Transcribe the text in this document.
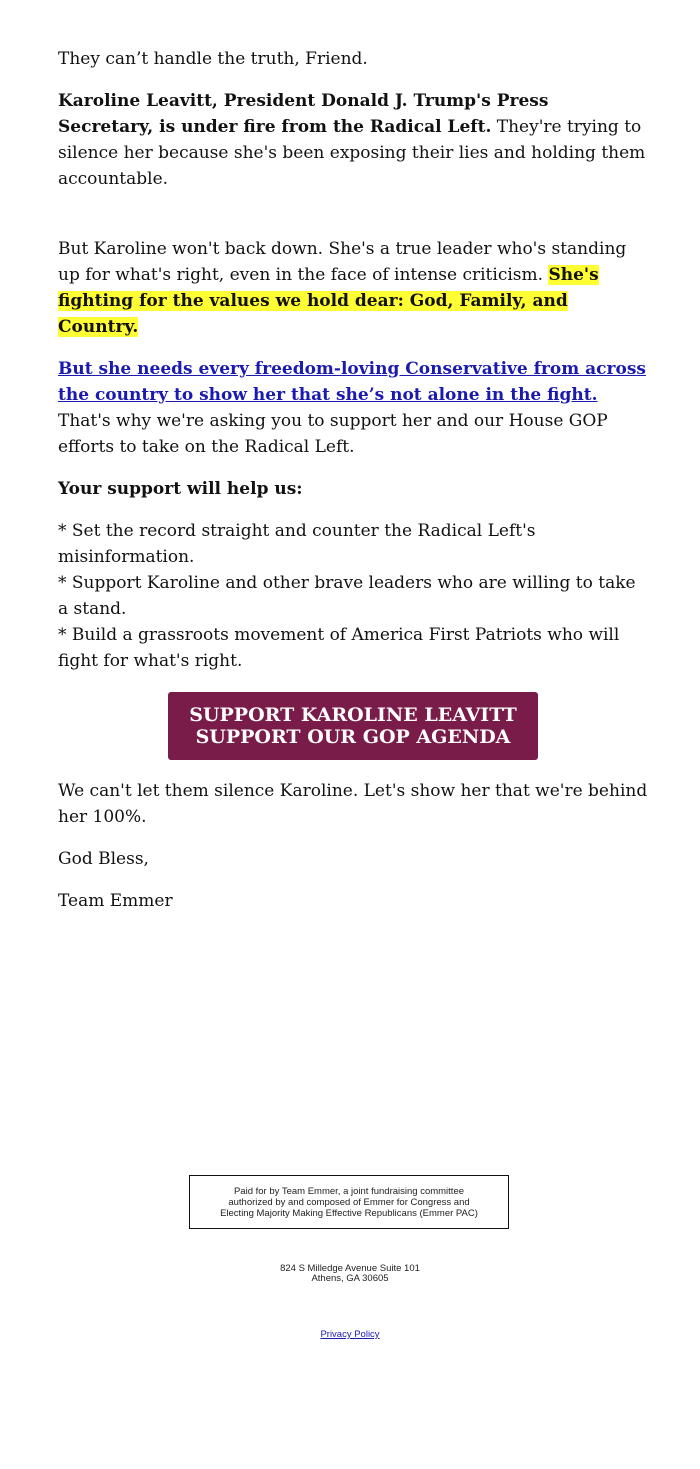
They can’t handle the truth, Friend.

Karoline Leavitt, President Donald J. Trump's Press Secretary, is under fire from the Radical Left. They're trying to silence her because she's been exposing their lies and holding them accountable.

But Karoline won't back down. She's a true leader who's standing up for what's right, even in the face of intense criticism. She's fighting for the values we hold dear: God, Family, and Country.

But she needs every freedom-loving Conservative from across the country to show her that she’s not alone in the fight.
That's why we're asking you to support her and our House GOP efforts to take on the Radical Left.

Your support will help us:

* Set the record straight and counter the Radical Left's misinformation.
* Support Karoline and other brave leaders who are willing to take a stand.
* Build a grassroots movement of America First Patriots who will fight for what's right.

SUPPORT KAROLINE LEAVITT
SUPPORT OUR GOP AGENDA

We can't let them silence Karoline. Let's show her that we're behind her 100%.

God Bless,

Team Emmer

Paid for by Team Emmer, a joint fundraising committee
authorized by and composed of Emmer for Congress and
Electing Majority Making Effective Republicans (Emmer PAC)
824 S Milledge Avenue Suite 101
Athens, GA 30605
Privacy Policy
